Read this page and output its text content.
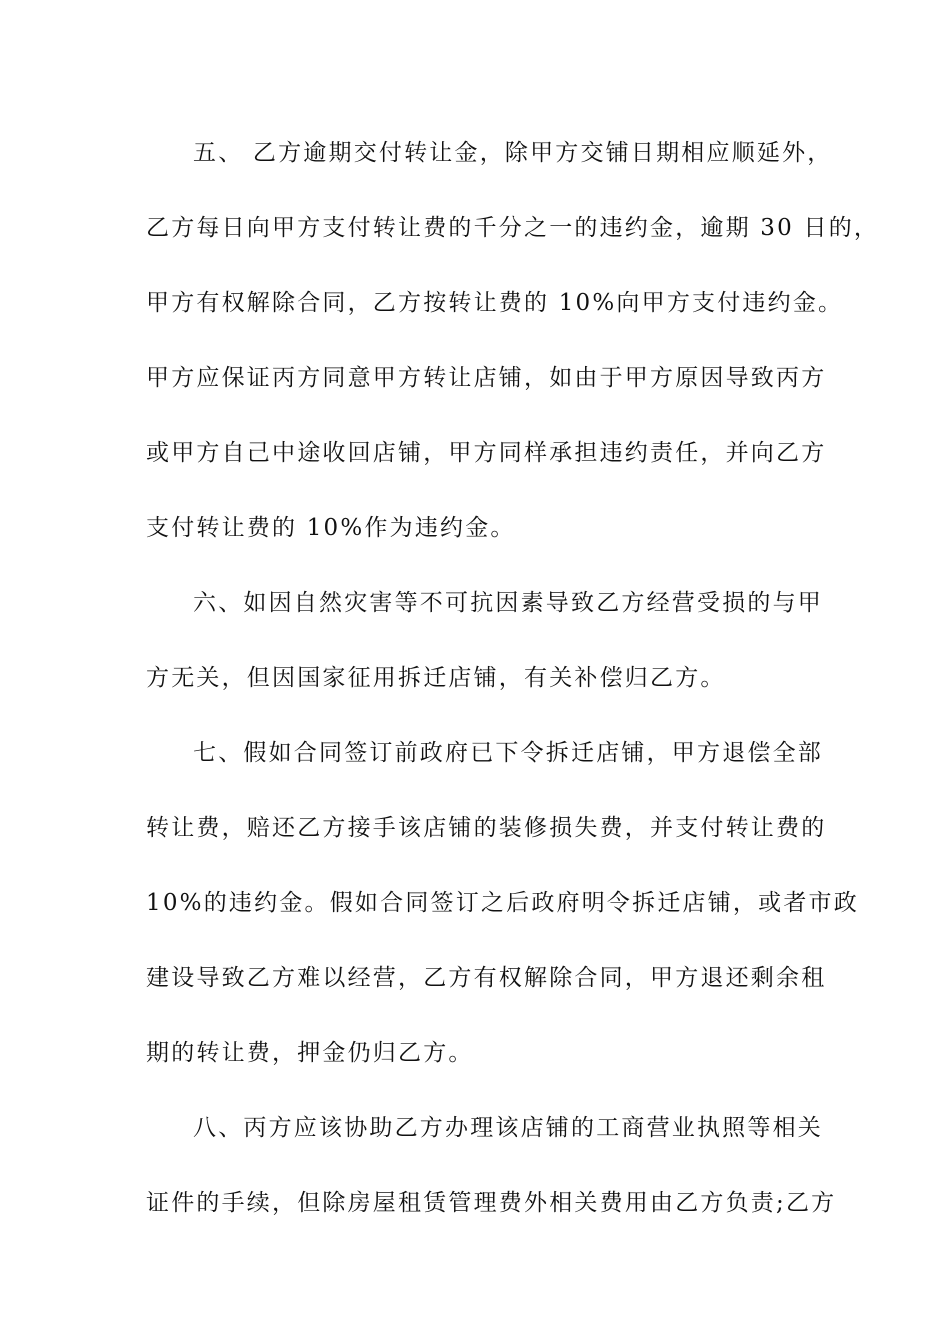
五、 乙方逾期交付转让金，除甲方交铺日期相应顺延外，
乙方每日向甲方支付转让费的千分之一的违约金，逾期 30 日的，
甲方有权解除合同，乙方按转让费的 10%向甲方支付违约金。
甲方应保证丙方同意甲方转让店铺，如由于甲方原因导致丙方
或甲方自己中途收回店铺，甲方同样承担违约责任，并向乙方
支付转让费的 10%作为违约金。
六、如因自然灾害等不可抗因素导致乙方经营受损的与甲
方无关，但因国家征用拆迁店铺，有关补偿归乙方。
七、假如合同签订前政府已下令拆迁店铺，甲方退偿全部
转让费，赔还乙方接手该店铺的装修损失费，并支付转让费的
10%的违约金。假如合同签订之后政府明令拆迁店铺，或者市政
建设导致乙方难以经营，乙方有权解除合同，甲方退还剩余租
期的转让费，押金仍归乙方。
八、丙方应该协助乙方办理该店铺的工商营业执照等相关
证件的手续，但除房屋租赁管理费外相关费用由乙方负责;乙方
